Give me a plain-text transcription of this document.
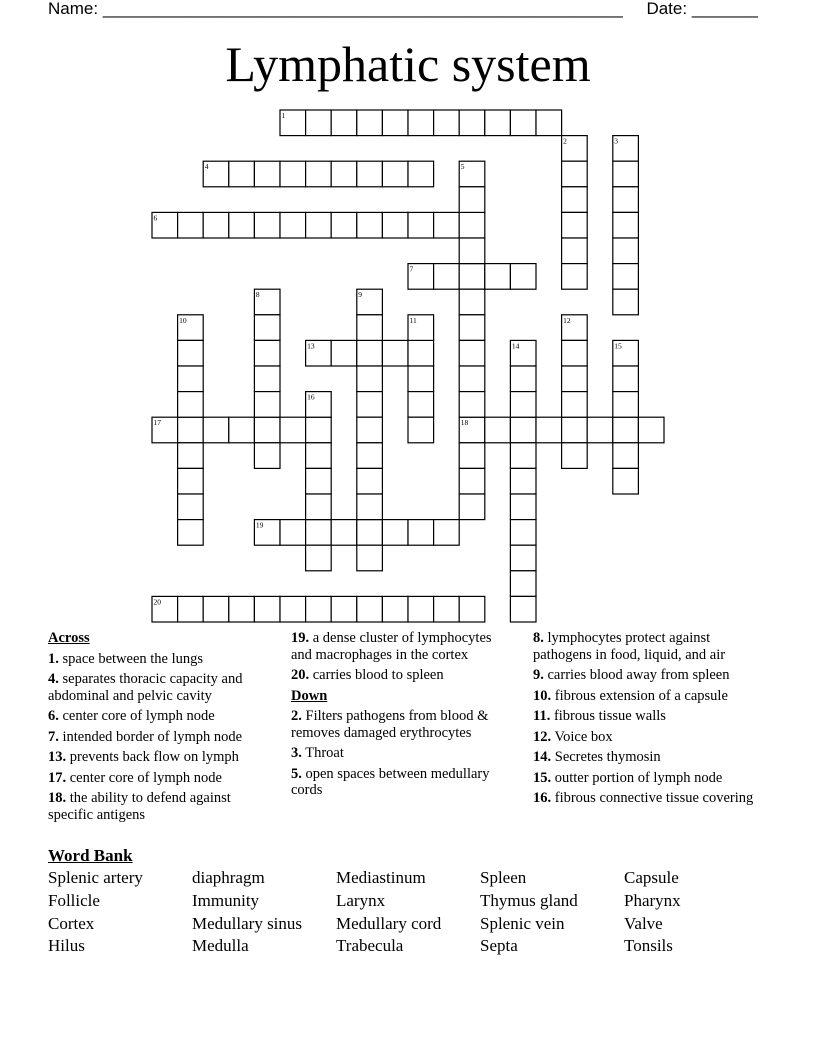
Name: _______________________________________________________ Date: _______
Lymphatic system
1
4
6
7
13
17	18
19
20
2	3
5
8	9
10	11	12
14	15
16
Across
1. space between the lungs
4. separates thoracic capacity and abdominal and pelvic cavity
6. center core of lymph node
7. intended border of lymph node
13. prevents back flow on lymph
17. center core of lymph node
18. the ability to defend against specific antigens
19. a dense cluster of lymphocytes and macrophages in the cortex
20. carries blood to spleen
Down
2. Filters pathogens from blood & removes damaged erythrocytes
3. Throat
5. open spaces between medullary cords
8. lymphocytes protect against pathogens in food, liquid, and air
9. carries blood away from spleen
10. fibrous extension of a capsule
11. fibrous tissue walls
12. Voice box
14. Secretes thymosin
15. outter portion of lymph node
16. fibrous connective tissue covering
Word Bank
Splenic artery	diaphragm	Mediastinum	Spleen	Capsule
Follicle	Immunity	Larynx	Thymus gland	Pharynx
Cortex	Medullary sinus	Medullary cord	Splenic vein	Valve
Hilus	Medulla	Trabecula	Septa	Tonsils
